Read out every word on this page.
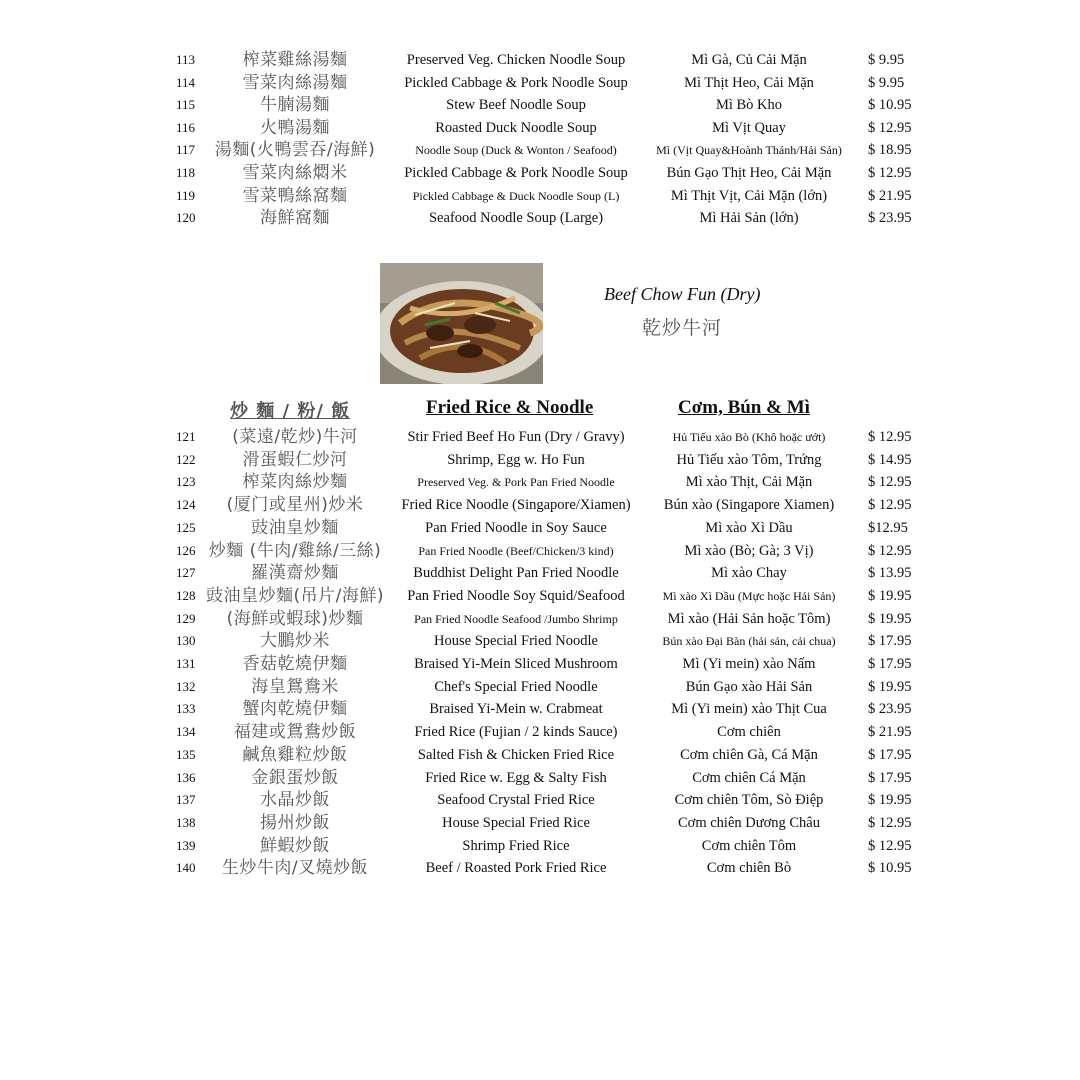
113	榨菜雞絲湯麵	Preserved Veg. Chicken Noodle Soup	Mì Gà, Củ Cải Mặn	$ 9.95
114	雪菜肉絲湯麵	Pickled Cabbage & Pork Noodle Soup	Mì Thịt Heo, Cải Mặn	$ 9.95
115	牛腩湯麵	Stew Beef Noodle Soup	Mì Bò Kho	$ 10.95
116	火鴨湯麵	Roasted Duck Noodle Soup	Mì Vịt Quay	$ 12.95
117	湯麵(火鴨雲吞/海鮮)	Noodle Soup (Duck & Wonton / Seafood)	Mì (Vịt Quay&Hoành Thánh/Hải Sản)	$ 18.95
118	雪菜肉絲燜米	Pickled Cabbage & Pork Noodle Soup	Bún Gạo Thịt Heo, Cải Mặn	$ 12.95
119	雪菜鴨絲窩麵	Pickled Cabbage & Duck Noodle Soup (L)	Mì Thịt Vịt, Cải Mặn (lớn)	$ 21.95
120	海鮮窩麵	Seafood Noodle Soup (Large)	Mì Hải Sản (lớn)	$ 23.95
Beef Chow Fun (Dry)
乾炒牛河
炒 麵 / 粉/ 飯	Fried Rice & Noodle	Cơm, Bún & Mì
121	(菜遠/乾炒)牛河	Stir Fried Beef Ho Fun (Dry / Gravy)	Hủ Tiếu xào Bò (Khô hoặc ướt)	$ 12.95
122	滑蛋蝦仁炒河	Shrimp, Egg w. Ho Fun	Hủ Tiếu xào Tôm, Trứng	$ 14.95
123	榨菜肉絲炒麵	Preserved Veg. & Pork Pan Fried Noodle	Mì xào Thịt, Cải Mặn	$ 12.95
124	(厦门或星州)炒米	Fried Rice Noodle (Singapore/Xiamen)	Bún xào (Singapore Xiamen)	$ 12.95
125	豉油皇炒麵	Pan Fried Noodle in Soy Sauce	Mì xào Xì Dầu	$12.95
126 炒麵 (牛肉/雞絲/三絲)	Pan Fried Noodle (Beef/Chicken/3 kind)	Mì xào (Bò; Gà; 3 Vị)	$ 12.95
127	羅漢齋炒麵	Buddhist Delight Pan Fried Noodle	Mì xào Chay	$ 13.95
128 豉油皇炒麵(吊片/海鮮)	Pan Fried Noodle Soy Squid/Seafood	Mì xào Xì Dầu (Mực hoặc Hải Sản)	$ 19.95
129	(海鮮或蝦球)炒麵	Pan Fried Noodle Seafood /Jumbo Shrimp	Mì xào (Hải Sản hoặc Tôm)	$ 19.95
130	大鵬炒米	House Special Fried Noodle	Bún xào Đại Bàn (hải sản, cải chua)	$ 17.95
131	香菇乾燒伊麵	Braised Yi-Mein Sliced Mushroom	Mì (Yi mein) xào Nấm	$ 17.95
132	海皇鴛鴦米	Chef's Special Fried Noodle	Bún Gạo xào Hải Sản	$ 19.95
133	蟹肉乾燒伊麵	Braised Yi-Mein w. Crabmeat	Mì (Yi mein) xào Thịt Cua	$ 23.95
134	福建或鴛鴦炒飯	Fried Rice (Fujian / 2 kinds Sauce)	Cơm chiên	$ 21.95
135	鹹魚雞粒炒飯	Salted Fish & Chicken Fried Rice	Cơm chiên Gà, Cá Mặn	$ 17.95
136	金銀蛋炒飯	Fried Rice w. Egg & Salty Fish	Cơm chiên Cá Mặn	$ 17.95
137	水晶炒飯	Seafood Crystal Fried Rice	Cơm chiên Tôm, Sò Điệp	$ 19.95
138	揚州炒飯	House Special Fried Rice	Cơm chiên Dương Châu	$ 12.95
139	鮮蝦炒飯	Shrimp Fried Rice	Cơm chiên Tôm	$ 12.95
140	生炒牛肉/叉燒炒飯	Beef / Roasted Pork Fried Rice	Cơm chiên Bò	$ 10.95
